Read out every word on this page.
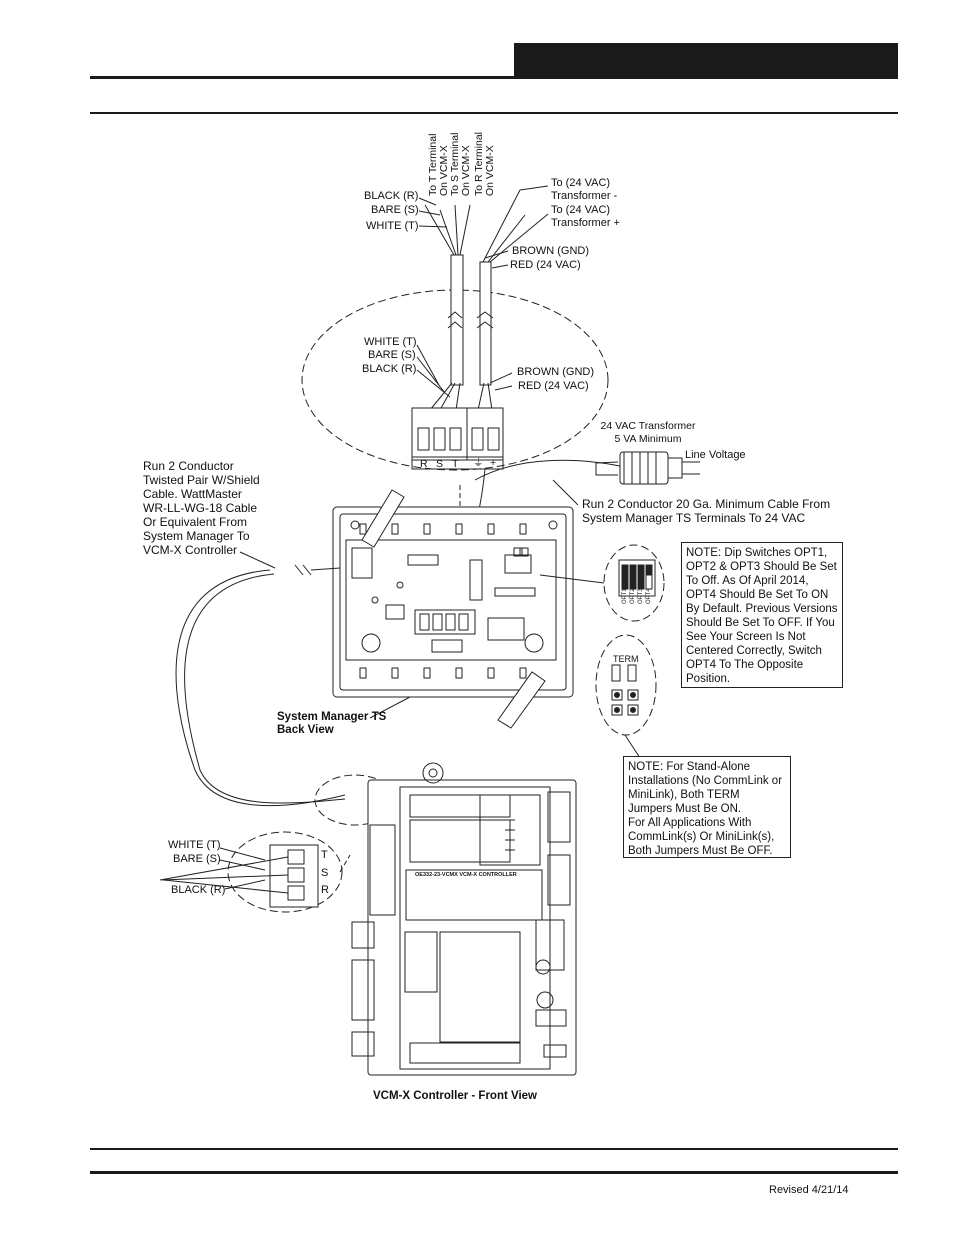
OPT1 OPT2 OPT3 OPT4
To T Terminal
On VCM-X
To S Terminal
On VCM-X
To R Terminal
On VCM-X
BLACK (R)
BARE (S)
WHITE (T)
To (24 VAC)
Transformer -
To (24 VAC)
Transformer +
BROWN (GND)
RED (24 VAC)
WHITE (T)
BARE (S)
BLACK (R)	BROWN (GND)
RED (24 VAC)
R S T ⏚ +
24 VAC Transformer
5 VA Minimum
Line Voltage
Run 2 Conductor
Twisted Pair W/Shield
Cable. WattMaster
WR-LL-WG-18 Cable
Or Equivalent From
System Manager To
VCM-X Controller
Run 2 Conductor 20 Ga. Minimum Cable From
System Manager TS Terminals To 24 VAC
System Manager TS
Back View
TERM
NOTE: Dip Switches OPT1, OPT2 & OPT3 Should Be Set To Off. As Of April 2014, OPT4 Should Be Set To ON By Default. Previous Versions Should Be Set To OFF. If You See Your Screen Is Not Centered Correctly, Switch OPT4 To The Opposite Position.
NOTE: For Stand-Alone Installations (No CommLink or MiniLink), Both TERM Jumpers Must Be ON.
For All Applications With CommLink(s) Or MiniLink(s), Both Jumpers Must Be OFF.
WHITE (T)
BARE (S)
BLACK (R)
T
S
R
OE332-23-VCMX VCM-X CONTROLLER
VCM-X Controller - Front View
Revised 4/21/14
